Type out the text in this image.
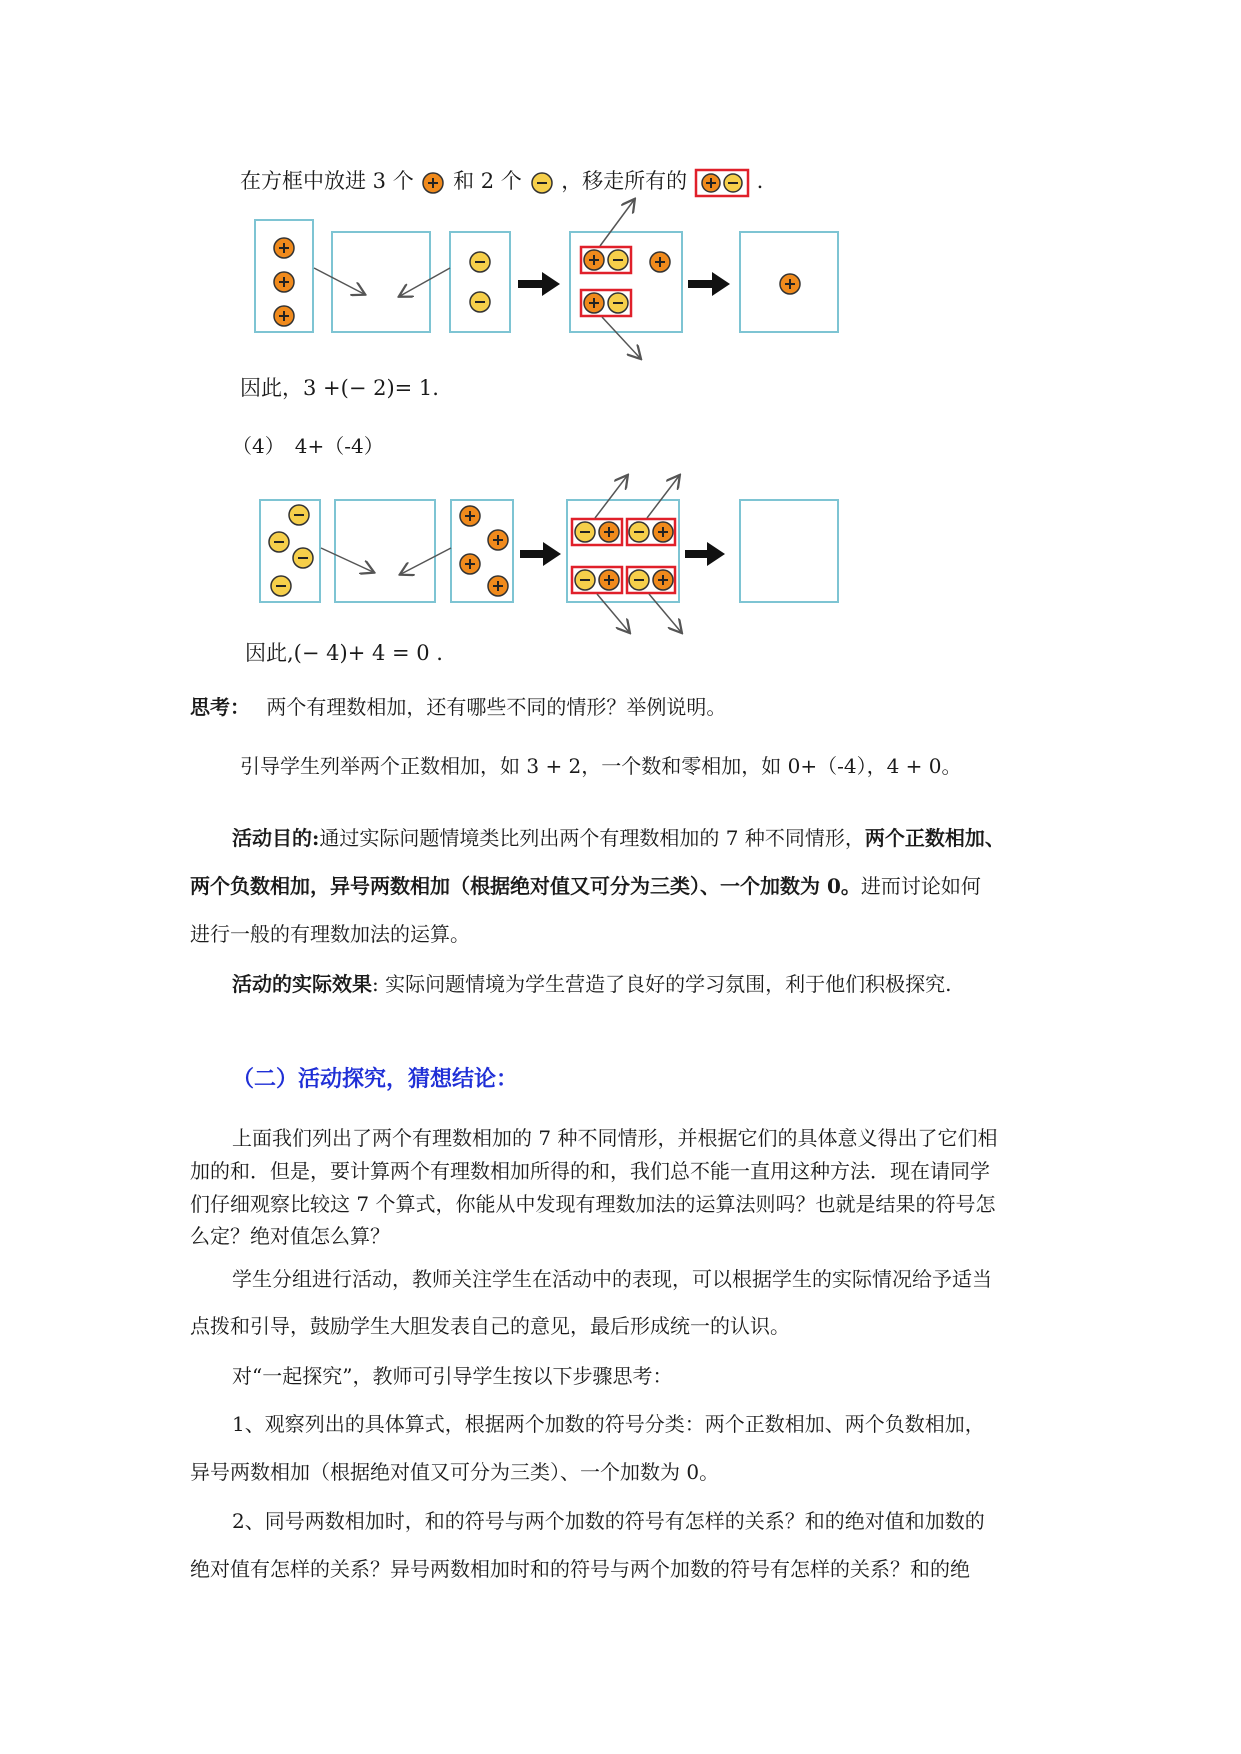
在方框中放进 3 个 和 2 个 ，移走所有的	.
因此，3 +(− 2)= 1.
（4）　4+（-4）
因此,(− 4)+ 4 = 0 .
思考： 两个有理数相加，还有哪些不同的情形？举例说明。
引导学生列举两个正数相加，如 3 + 2，一个数和零相加，如 0+（-4），4 + 0。
活动目的:通过实际问题情境类比列出两个有理数相加的 7 种不同情形，两个正数相加、
两个负数相加，异号两数相加（根据绝对值又可分为三类）、一个加数为 0。进而讨论如何
进行一般的有理数加法的运算。
活动的实际效果: 实际问题情境为学生营造了良好的学习氛围，利于他们积极探究.
（二）活动探究，猜想结论：
上面我们列出了两个有理数相加的 7 种不同情形，并根据它们的具体意义得出了它们相
加的和．但是，要计算两个有理数相加所得的和，我们总不能一直用这种方法．现在请同学
们仔细观察比较这 7 个算式，你能从中发现有理数加法的运算法则吗？也就是结果的符号怎
么定？绝对值怎么算？
学生分组进行活动，教师关注学生在活动中的表现，可以根据学生的实际情况给予适当
点拨和引导，鼓励学生大胆发表自己的意见，最后形成统一的认识。
对“一起探究”，教师可引导学生按以下步骤思考：
1、观察列出的具体算式，根据两个加数的符号分类：两个正数相加、两个负数相加，
异号两数相加（根据绝对值又可分为三类）、一个加数为 0。
2、同号两数相加时，和的符号与两个加数的符号有怎样的关系？和的绝对值和加数的
绝对值有怎样的关系？异号两数相加时和的符号与两个加数的符号有怎样的关系？和的绝
